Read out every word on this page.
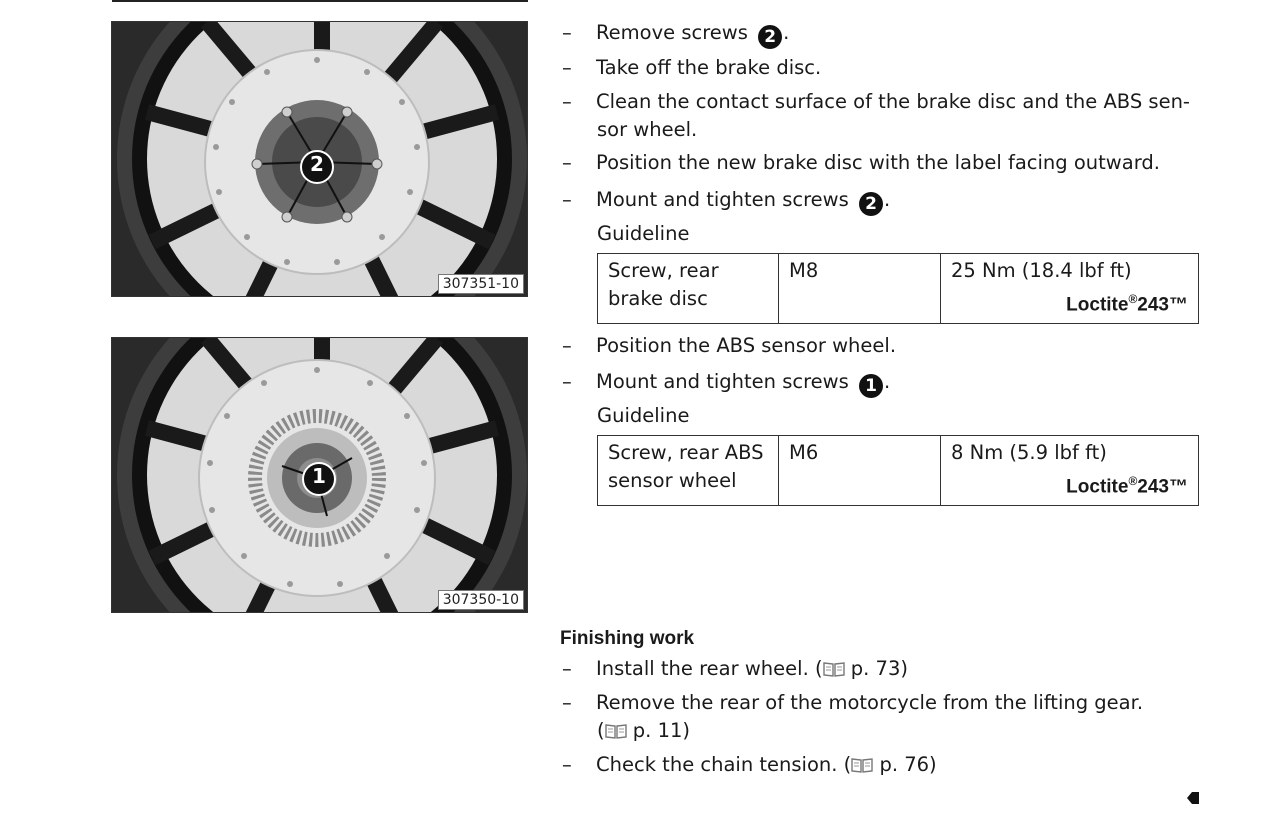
2
307351-10
1
307350-10
– Remove screws 2 .
– Take off the brake disc.
– Clean the contact surface of the brake disc and the ABS sen-
sor wheel.
– Position the new brake disc with the label facing outward.
– Mount and tighten screws 2 .
Guideline
Screw, rear
brake disc	M8	25 Nm (18.4 lbf ft)
Loctite®243™
– Position the ABS sensor wheel.
– Mount and tighten screws 1 .
Guideline
Screw, rear ABS
sensor wheel	M6	8 Nm (5.9 lbf ft)
Loctite®243™
Finishing work
– Install the rear wheel. ( p. 73)
– Remove the rear of the motorcycle from the lifting gear.
( p. 11)
– Check the chain tension. ( p. 76)
